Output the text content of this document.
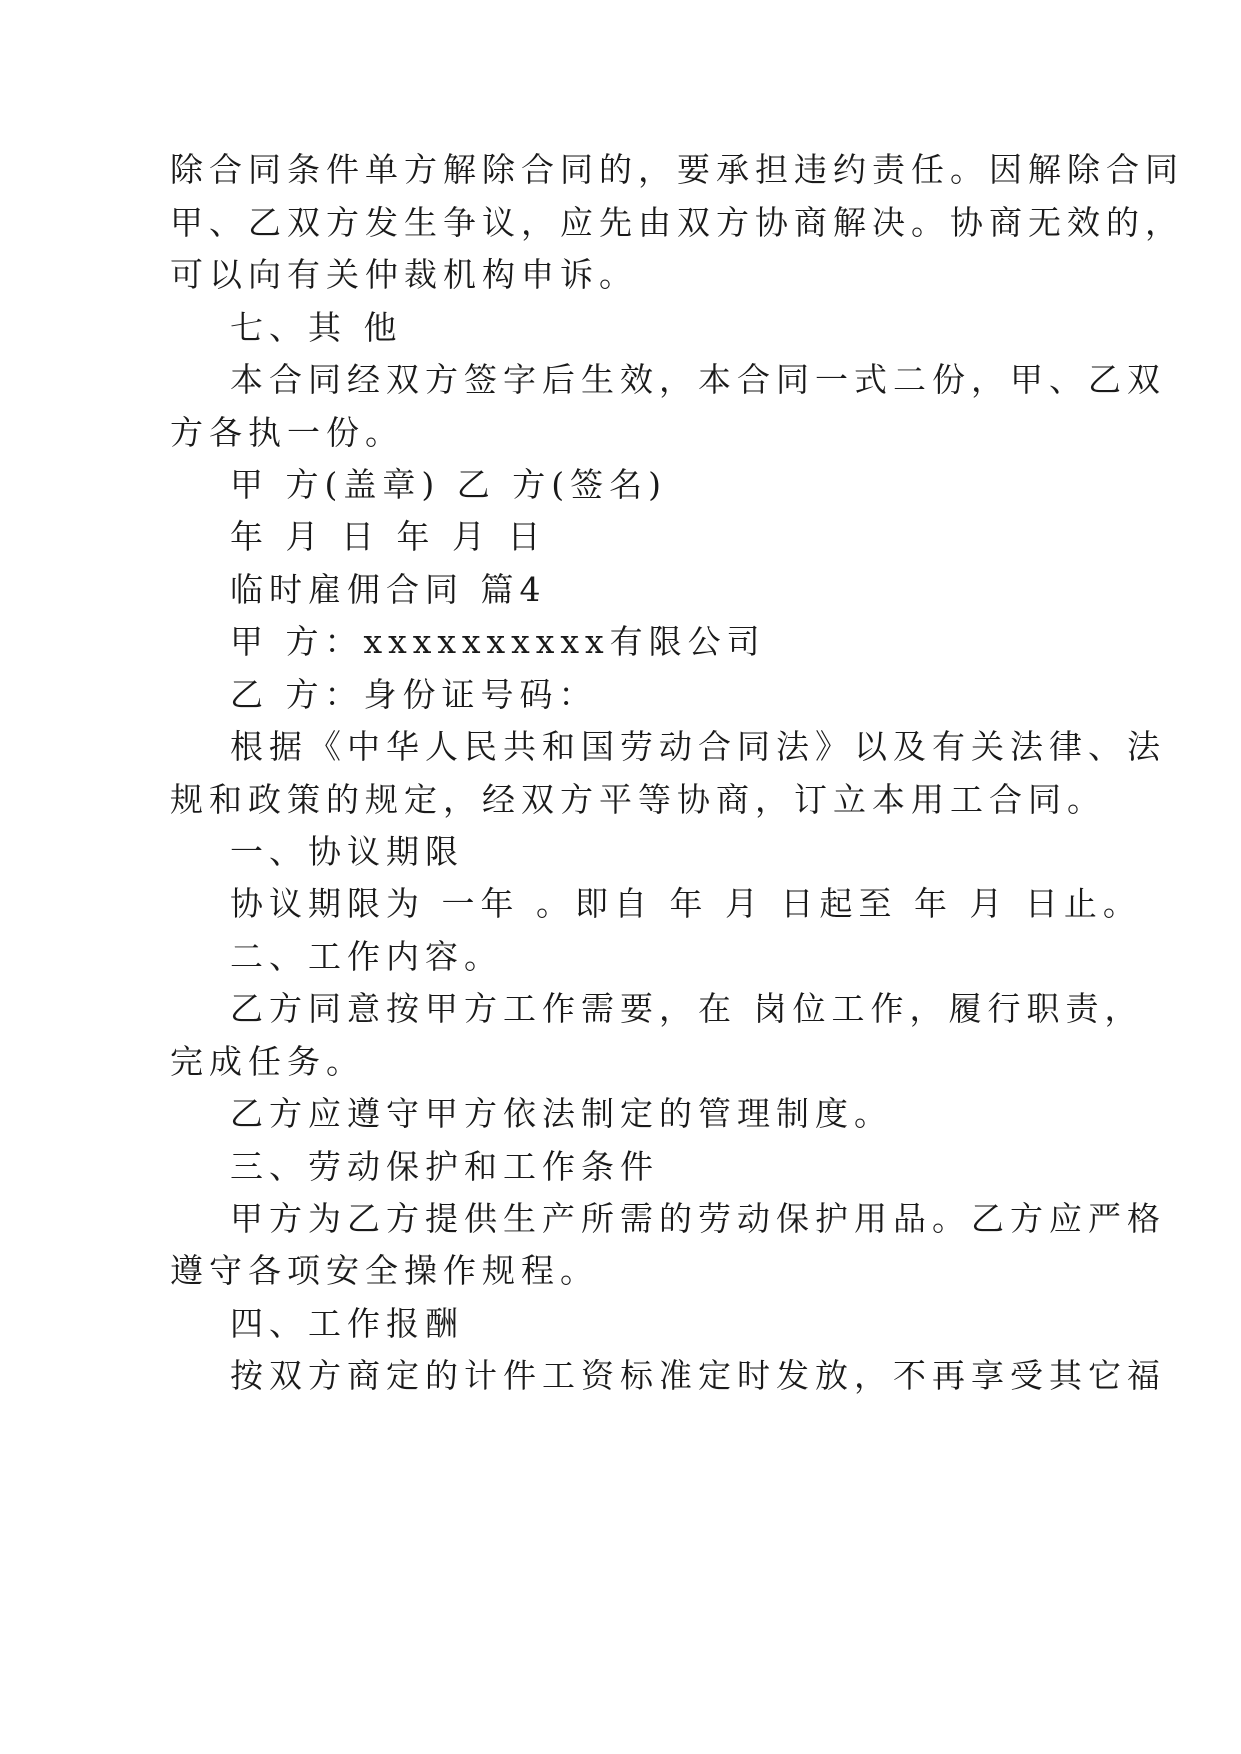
除合同条件单方解除合同的，要承担违约责任。因解除合同
甲、乙双方发生争议，应先由双方协商解决。协商无效的，
可以向有关仲裁机构申诉。
七、其 他
本合同经双方签字后生效，本合同一式二份，甲、乙双
方各执一份。
甲 方(盖章) 乙 方(签名)
年 月 日 年 月 日
临时雇佣合同 篇4
甲 方：xxxxxxxxxx有限公司
乙 方：身份证号码：
根据《中华人民共和国劳动合同法》以及有关法律、法
规和政策的规定，经双方平等协商，订立本用工合同。
一、协议期限
协议期限为 一年 。即自 年 月 日起至 年 月 日止。
二、工作内容。
乙方同意按甲方工作需要，在 岗位工作，履行职责，
完成任务。
乙方应遵守甲方依法制定的管理制度。
三、劳动保护和工作条件
甲方为乙方提供生产所需的劳动保护用品。乙方应严格
遵守各项安全操作规程。
四、工作报酬
按双方商定的计件工资标准定时发放，不再享受其它福
